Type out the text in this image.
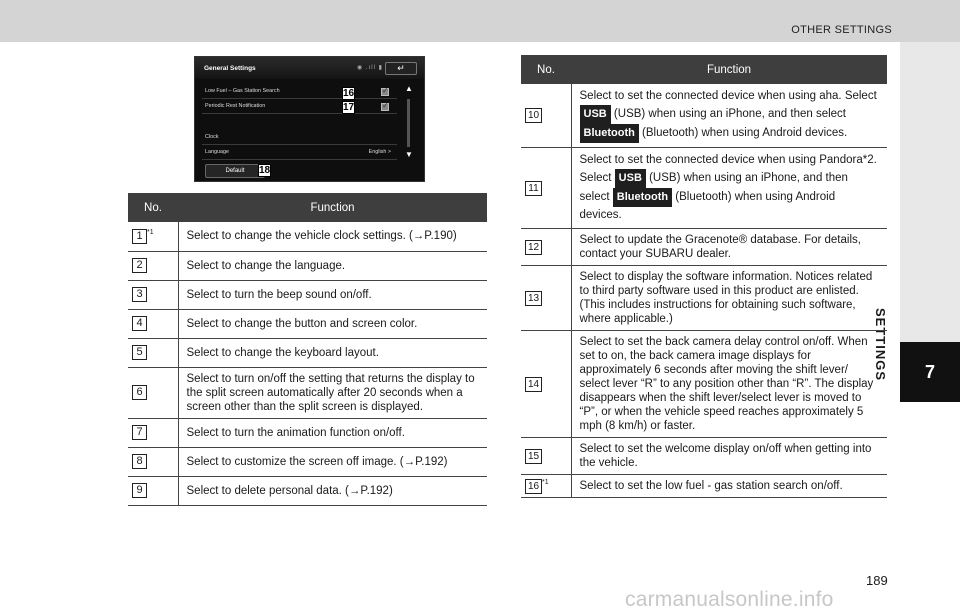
OTHER SETTINGS
SETTINGS	7
General Settings	◉ .ıll ▮	↵
Low Fuel – Gas Station Search
✓
Periodic Rest Notification
✓
Clock
Language	English >
▲
▼
Default
16
17
18
No.	Function
1 $^{*1}$	Select to change the vehicle clock settings. (→P.190)
2	Select to change the language.
3	Select to turn the beep sound on/off.
4	Select to change the button and screen color.
5	Select to change the keyboard layout.
6	Select to turn on/off the setting that returns the display to the split screen automatically after 20 seconds when a screen other than the split screen is displayed.
7	Select to turn the animation function on/off.
8	Select to customize the screen off image. (→P.192)
9	Select to delete personal data. (→P.192)
No.	Function
10	Select to set the connected device when using aha. Select USB (USB) when using an iPhone, and then select Bluetooth (Bluetooth) when using Android devices.
11	Select to set the connected device when using Pandora*2. Select USB (USB) when using an iPhone, and then select Bluetooth (Bluetooth) when using Android devices.
12	Select to update the Gracenote® database. For details, contact your SUBARU dealer.
13	Select to display the software information. Notices related to third party software used in this product are enlisted. (This includes instructions for obtaining such software, where applicable.)
14	Select to set the back camera delay control on/off. When set to on, the back camera image displays for approximately 6 seconds after moving the shift lever/ select lever “R” to any position other than “R”. The display disappears when the shift lever/select lever is moved to “P”, or when the vehicle speed reaches approximately 5 mph (8 km/h) or faster.
15	Select to set the welcome display on/off when getting into the vehicle.
16 $^{*1}$	Select to set the low fuel - gas station search on/off.
189
carmanualsonline.info
